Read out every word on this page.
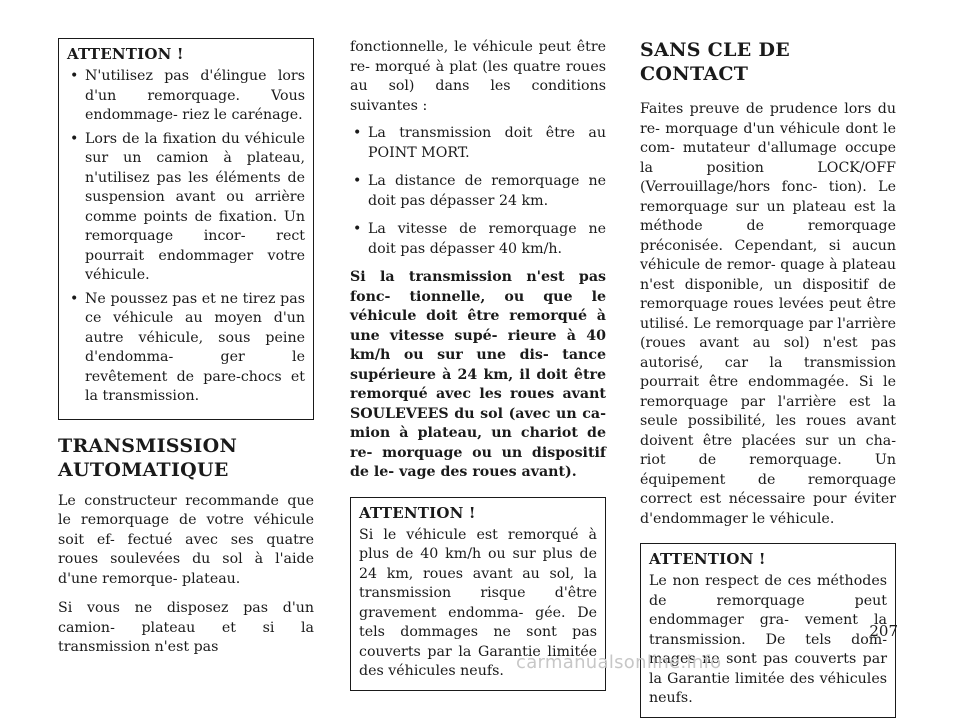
ATTENTION !
• N'utilisez pas d'élingue lors d'un remorquage. Vous endommage- riez le carénage.
• Lors de la fixation du véhicule sur un camion à plateau, n'utilisez pas les éléments de suspension avant ou arrière comme points de fixation. Un remorquage incor- rect pourrait endommager votre véhicule.
• Ne poussez pas et ne tirez pas ce véhicule au moyen d'un autre véhicule, sous peine d'endomma- ger le revêtement de pare-chocs et la transmission.
TRANSMISSION AUTOMATIQUE

Le constructeur recommande que le remorquage de votre véhicule soit ef- fectué avec ses quatre roues soulevées du sol à l'aide d'une remorque- plateau.

Si vous ne disposez pas d'un camion- plateau et si la transmission n'est pas

fonctionnelle, le véhicule peut être re- morqué à plat (les quatre roues au sol) dans les conditions suivantes :

• La transmission doit être au POINT MORT.
• La distance de remorquage ne doit pas dépasser 24 km.
• La vitesse de remorquage ne doit pas dépasser 40 km/h.

Si la transmission n'est pas fonc- tionnelle, ou que le véhicule doit être remorqué à une vitesse supé- rieure à 40 km/h ou sur une dis- tance supérieure à 24 km, il doit être remorqué avec les roues avant SOULEVEES du sol (avec un ca- mion à plateau, un chariot de re- morquage ou un dispositif de le- vage des roues avant).

ATTENTION !

Si le véhicule est remorqué à plus de 40 km/h ou sur plus de 24 km, roues avant au sol, la transmission risque d'être gravement endomma- gée. De tels dommages ne sont pas couverts par la Garantie limitée des véhicules neufs.

SANS CLE DE CONTACT

Faites preuve de prudence lors du re- morquage d'un véhicule dont le com- mutateur d'allumage occupe la position LOCK/OFF (Verrouillage/hors fonc- tion). Le remorquage sur un plateau est la méthode de remorquage préconisée. Cependant, si aucun véhicule de remor- quage à plateau n'est disponible, un dispositif de remorquage roues levées peut être utilisé. Le remorquage par l'arrière (roues avant au sol) n'est pas autorisé, car la transmission pourrait être endommagée. Si le remorquage par l'arrière est la seule possibilité, les roues avant doivent être placées sur un cha- riot de remorquage. Un équipement de remorquage correct est nécessaire pour éviter d'endommager le véhicule.

ATTENTION !

Le non respect de ces méthodes de remorquage peut endommager gra- vement la transmission. De tels dom- mages ne sont pas couverts par la Garantie limitée des véhicules neufs.

207
carmanualsonline.info
